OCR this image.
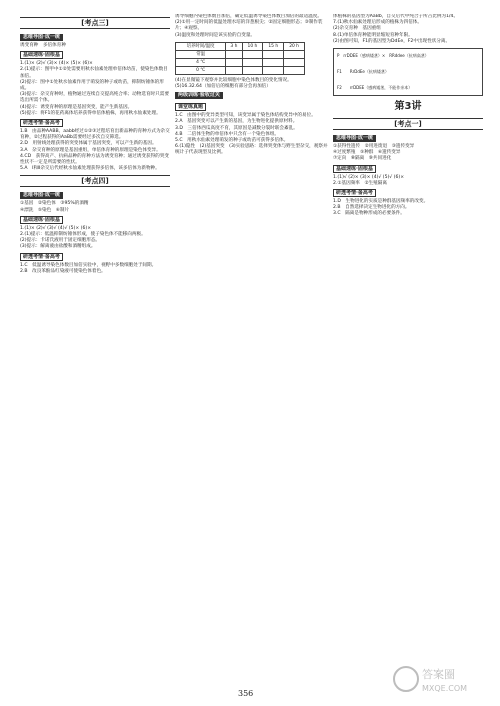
[考点三]
思维导图·成一统

诱变育种　多倍体育种

基础速练·固根基

1.(1)× (2)√ (3)× (4)× (5)× (6)×

2.(1)提示：图甲中①②处需要用秋水仙素处理单倍体幼苗，使染色体数目加倍。

(2)提示：图中①处秋水仙素作用于萌发的种子或幼苗，抑制纺锤体的形成。

(3)提示：杂交育种时，植物通过连续自交提高纯合率；动物选育时只需要选出所需个体。

(4)提示：诱变育种的原理是基因突变，能产生新基因。

(5)提示：将F1的花药离体培养获得单倍体植株，再用秋水仙素处理。

研透考情·备高考

1.B　由品种AABB、aabb经过①②③过程培育出新品种的育种方式为杂交育种，②过程获得的AaBb需要经过多次自交筛选。

2.D　用射线处理获得的突变体属于基因突变，可以产生新的基因。

3.A　杂交育种的原理是基因重组，单倍体育种的原理是染色体变异。

4.CD　获得高产、抗病品种的育种方法为诱变育种；通过诱变获得的突变性状不一定是所需要的性状。

5.A　Ⅰ和Ⅱ杂交后代经秋水仙素处理获得多倍体，该多倍体为新物种。

[考点四]
思维导图·成一统

①基因　②染色体　③95%的酒精

④漂洗　⑤染色　⑥制片

基础速练·固根基

1.(1)× (2)√ (3)√ (4)√ (5)× (6)×

2.(1)提示：低温抑制纺锤体形成，使子染色体不能移向两极。

(2)提示：卡诺氏液用于固定细胞形态。

(3)提示：解离液由盐酸和酒精组成。

研透考情·备高考

1.C　低温诱导染色体数目加倍实验中，视野中多数细胞处于间期。

2.B　改良苯酚品红染液可使染色体着色。

诱导细胞内染色体数目加倍，确定低温诱导染色体数目加倍的最适温度。

(2)①用一定时间的低温处理水培的洋葱根尖；②固定细胞形态；③制作装片；④观察。

(3)温度和处理时间是该实验的自变量。

培养时间/温度	3 h	10 h	15 h	20 h
常温				
4 ℃				
0 ℃				

(4)在显微镜下观察并比较细胞中染色体数目的变化情况。

(5)16.32.64（加倍后的细胞有部分会再加倍）

两级训练·验收过关
课堂练真题

1.C　由图中的变异类型可知，该变异属于染色体结构变异中的易位。

2.A　基因突变可以产生新的基因，为生物进化提供原材料。

3.D　三倍体西瓜高度不育，其原因是减数分裂时联会紊乱。

4.B　二倍体生物的单倍体中只含有一个染色体组。

5.C　用秋水仙素处理萌发的种子或幼苗可获得多倍体。

6.(1)隐性　(2)基因突变　(3)实验思路：选择突变体与野生型杂交，观察并统计子代表现型及比例。

体植株的基因型为AaBb，自交后代中纯合子所占比例为1/4。

7.(1)秋水仙素处理后形成的植株为四倍体。

(2)杂交育种　基因重组

8.(1)单倍体育种能明显缩短育种年限。

(2)由图可知，F1的基因型为DdEe，F2中出现性状分离。

P　rrDDEE（感病矮茎）×　RRddee（抗病高茎）
F1　　RrDdEe（抗病矮茎）
F2　　rrDDEE（感病矮茎，不能作亲本）
第3讲
[考点一]
思维导图·成一统

①获得性遗传　②用进废退　③遗传变异

④过度繁殖　⑤种群　⑥遗传变异

⑦定向　⑧隔离　⑨共同进化

基础速练·固根基

1.(1)√ (2)× (3)× (4)√ (5)√ (6)×

2.①基因频率　②生殖隔离

研透考情·备高考

1.D　生物进化的实质是种群基因频率的改变。

2.B　自然选择决定生物进化的方向。

3.C　隔离是物种形成的必要条件。

356
答案圈
MXQE.COM
